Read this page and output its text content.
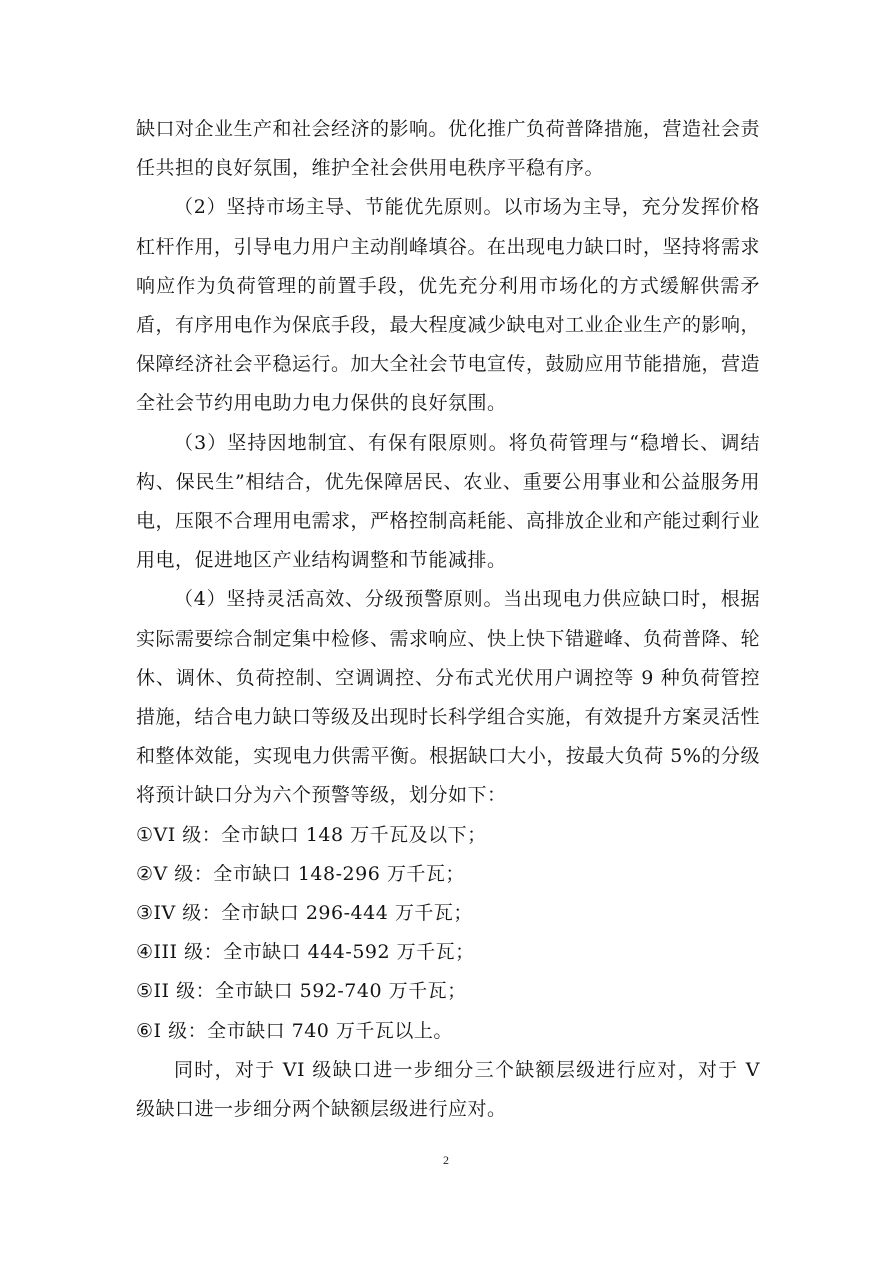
缺口对企业生产和社会经济的影响。优化推广负荷普降措施，营造社会责任共担的良好氛围，维护全社会供用电秩序平稳有序。

（2）坚持市场主导、节能优先原则。以市场为主导，充分发挥价格杠杆作用，引导电力用户主动削峰填谷。在出现电力缺口时，坚持将需求响应作为负荷管理的前置手段，优先充分利用市场化的方式缓解供需矛盾，有序用电作为保底手段，最大程度减少缺电对工业企业生产的影响，保障经济社会平稳运行。加大全社会节电宣传，鼓励应用节能措施，营造全社会节约用电助力电力保供的良好氛围。

（3）坚持因地制宜、有保有限原则。将负荷管理与“稳增长、调结构、保民生”相结合，优先保障居民、农业、重要公用事业和公益服务用电，压限不合理用电需求，严格控制高耗能、高排放企业和产能过剩行业用电，促进地区产业结构调整和节能减排。

（4）坚持灵活高效、分级预警原则。当出现电力供应缺口时，根据实际需要综合制定集中检修、需求响应、快上快下错避峰、负荷普降、轮休、调休、负荷控制、空调调控、分布式光伏用户调控等 9 种负荷管控措施，结合电力缺口等级及出现时长科学组合实施，有效提升方案灵活性和整体效能，实现电力供需平衡。根据缺口大小，按最大负荷 5%的分级将预计缺口分为六个预警等级，划分如下：

①VI 级：全市缺口 148 万千瓦及以下；

②V 级：全市缺口 148-296 万千瓦；

③IV 级：全市缺口 296-444 万千瓦；

④III 级：全市缺口 444-592 万千瓦；

⑤II 级：全市缺口 592-740 万千瓦；

⑥I 级：全市缺口 740 万千瓦以上。

同时，对于 VI 级缺口进一步细分三个缺额层级进行应对，对于 V 级缺口进一步细分两个缺额层级进行应对。

2
